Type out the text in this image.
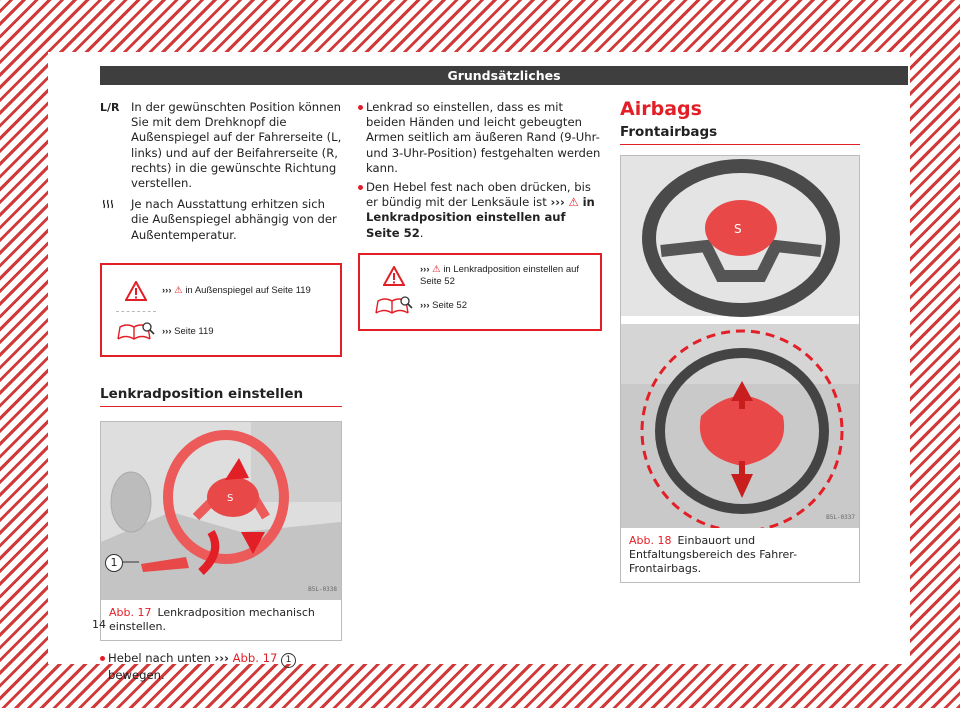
Grundsätzliches
L/R In der gewünschten Position können Sie mit dem Drehknopf die Außenspiegel auf der Fahrerseite (L, links) und auf der Beifahrerseite (R, rechts) in die gewünschte Richtung verstellen.
Je nach Ausstattung erhitzen sich die Außenspiegel abhängig von der Außentemperatur.
››› ⚠ in Außenspiegel auf Seite 119
››› Seite 119
Lenkradposition einstellen
S
1
B5L-0338
Abb. 17 Lenkradposition mechanisch einstellen.
Hebel nach unten ››› Abb. 17 1 bewegen.
Lenkrad so einstellen, dass es mit beiden Händen und leicht gebeugten Armen seitlich am äußeren Rand (9-Uhr- und 3-Uhr-Position) festgehalten werden kann.
Den Hebel fest nach oben drücken, bis er bündig mit der Lenksäule ist ››› ⚠ in Lenkradposition einstellen auf Seite 52.
››› ⚠ in Lenkradposition einstellen auf Seite 52
››› Seite 52
Airbags
Frontairbags
S
B5L-0337
Abb. 18 Einbauort und Entfaltungsbereich des Fahrer-Frontairbags.
14
